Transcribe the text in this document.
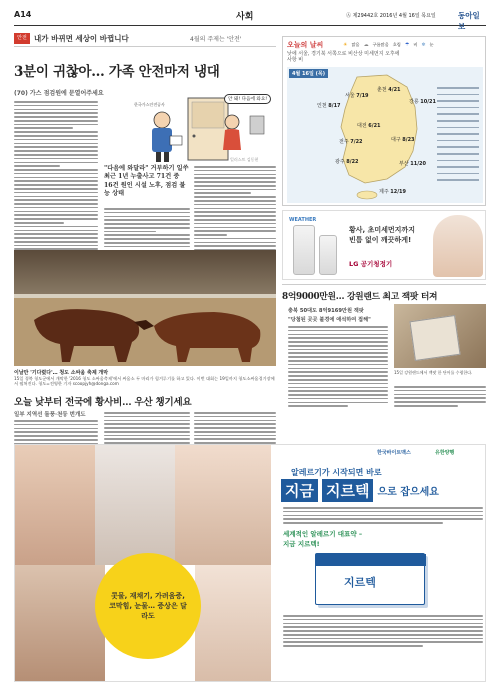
A14	사회	Ⓐ 제29442호 2016년 4월 16일 목요일	동아일보
안전 내가 바뀌면 세상이 바뀝니다	4월의 주제는 '안전'
3분이 귀찮아… 가족 안전마저 냉대
(70) 가스 점검원에 문열어주세요
안 돼! 다음에 와요!
한국가스안전공사
"다음에 와달라" 거부하기 일쑤 최근 1년 누출사고 71건 중 16건 원인 시설 노후, 점검 불능 상태
일러스트 김동현
오늘의 날씨	☀ 맑음 ☁ 구름많음 흐림 ☂ 비 ❄ 눈
낮에 서울, 경기북 서쪽으로 비산상 미세먼지 오후에 사항 비
4월 16일 (목)
서울 7/19
인천 8/17
춘천 4/21
강릉 10/21
대전 6/21
전주 7/22	대구 8/23
광주 8/22	부산 11/20
제주 12/19
WEATHER
황사, 초미세먼지까지
빈틈 없이 깨끗하게!
LG 공기청정기
이날만 '기다렸다'… 청도 소싸움 축제 개막
15일 경북 청도군에서 개막한 '2016 청도 소싸움축제'에서 싸움소 두 마리가 힘겨루기를 하고 있다. 이번 대회는 19일까지 청도소싸움경기장에서 펼쳐진다. 청도=전영한 기자 scoopjyh@donga.com
오늘 낮부터 전국에 황사비… 우산 챙기세요
일부 지역선 돌풍·천둥 번개도
8억9000만원… 강원랜드 최고 잭팟 터져
충북 50대도 8억9169만원 잭팟
"당첨된 곳곳 불경에 애석하여 접해"
15일 강원랜드에서 잭팟 한 단어를 수령한다.
콧물, 재채기, 가려움증, 코막힘, 눈물… 증상은 달라도
한국바이트맥스	유한양행
알레르기가 시작되면 바로
지금 지르텍 으로 잡으세요
세계적인 알레르기 대표약 –
지금 지르텍!
지르텍
